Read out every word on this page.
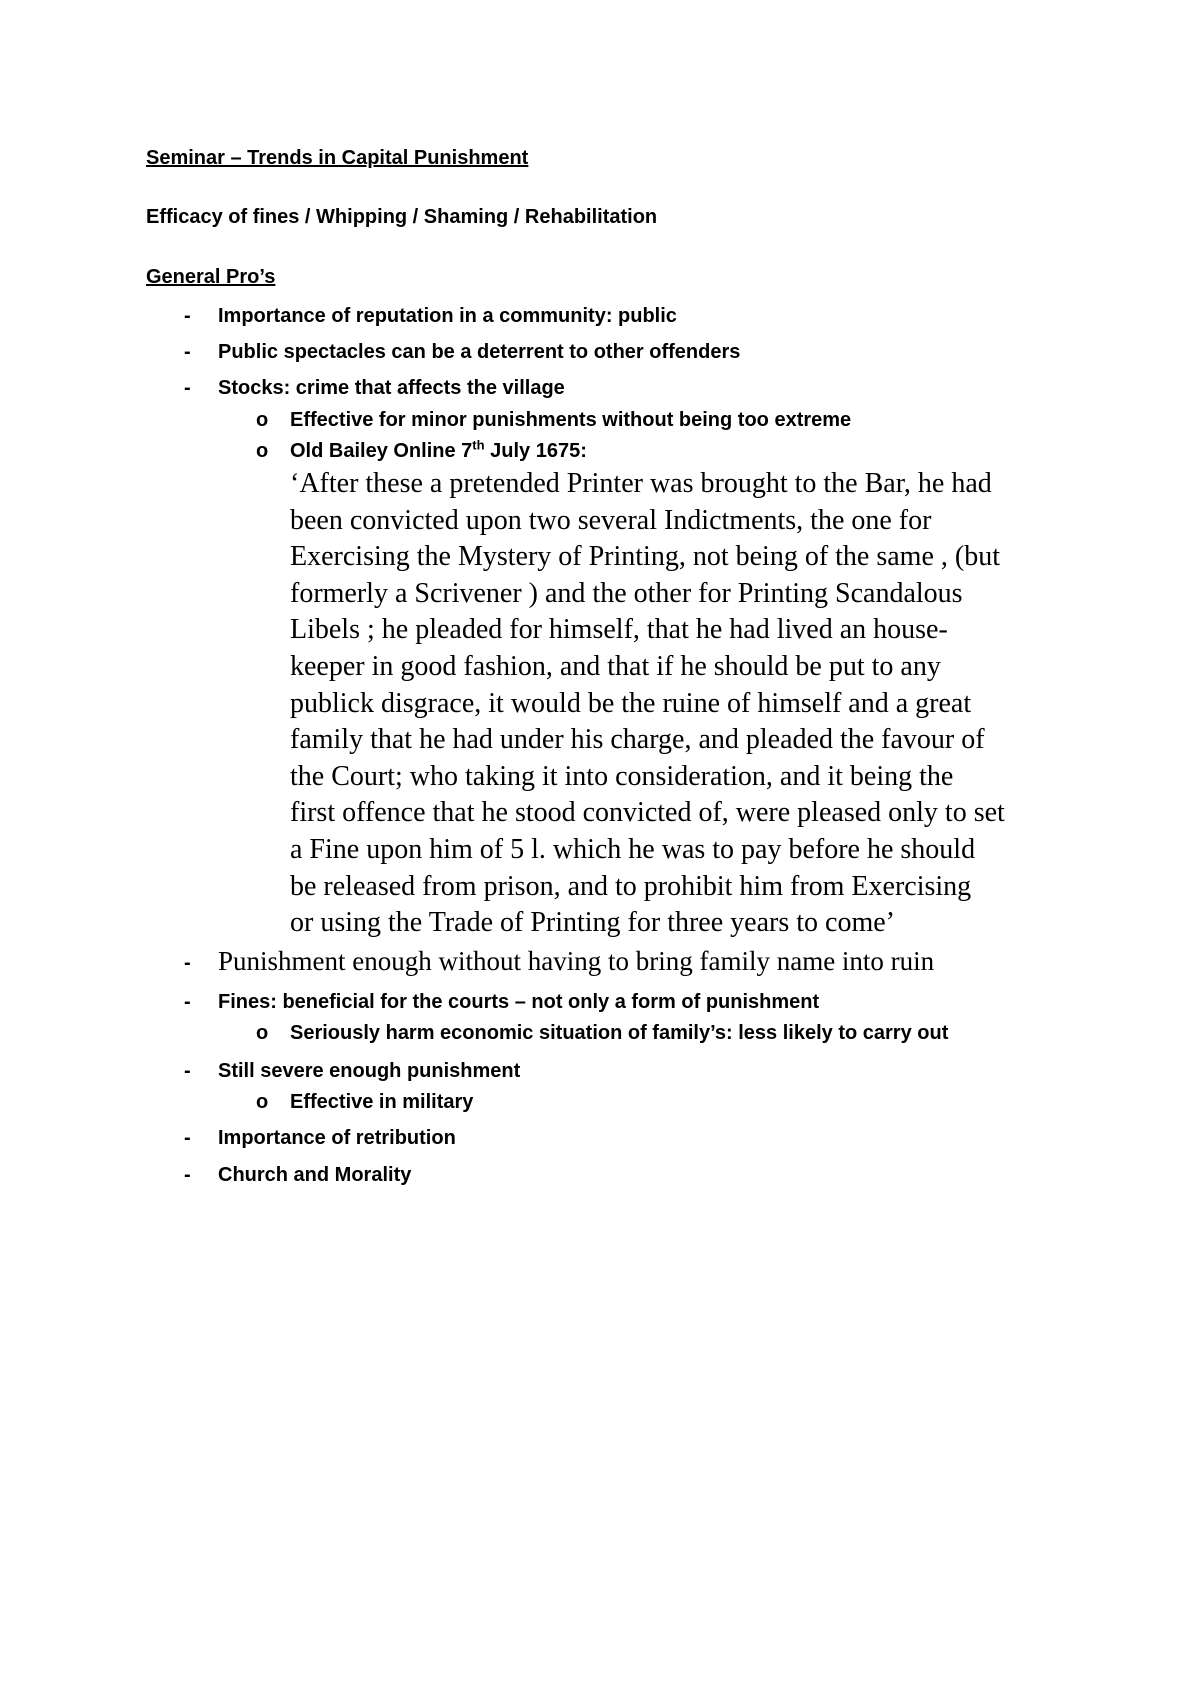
Seminar – Trends in Capital Punishment
Efficacy of fines / Whipping / Shaming / Rehabilitation
General Pro’s
- Importance of reputation in a community: public
- Public spectacles can be a deterrent to other offenders
- Stocks: crime that affects the village
o Effective for minor punishments without being too extreme
o Old Bailey Online 7th July 1675:
‘After these a pretended Printer was brought to the Bar, he had
been convicted upon two several Indictments, the one for
Exercising the Mystery of Printing, not being of the same , (but
formerly a Scrivener ) and the other for Printing Scandalous
Libels ; he pleaded for himself, that he had lived an house-
keeper in good fashion, and that if he should be put to any
publick disgrace, it would be the ruine of himself and a great
family that he had under his charge, and pleaded the favour of
the Court; who taking it into consideration, and it being the
first offence that he stood convicted of, were pleased only to set
a Fine upon him of 5 l. which he was to pay before he should
be released from prison, and to prohibit him from Exercising
or using the Trade of Printing for three years to come’
- Punishment enough without having to bring family name into ruin
- Fines: beneficial for the courts – not only a form of punishment
o Seriously harm economic situation of family’s: less likely to carry out
- Still severe enough punishment
o Effective in military
- Importance of retribution
- Church and Morality
